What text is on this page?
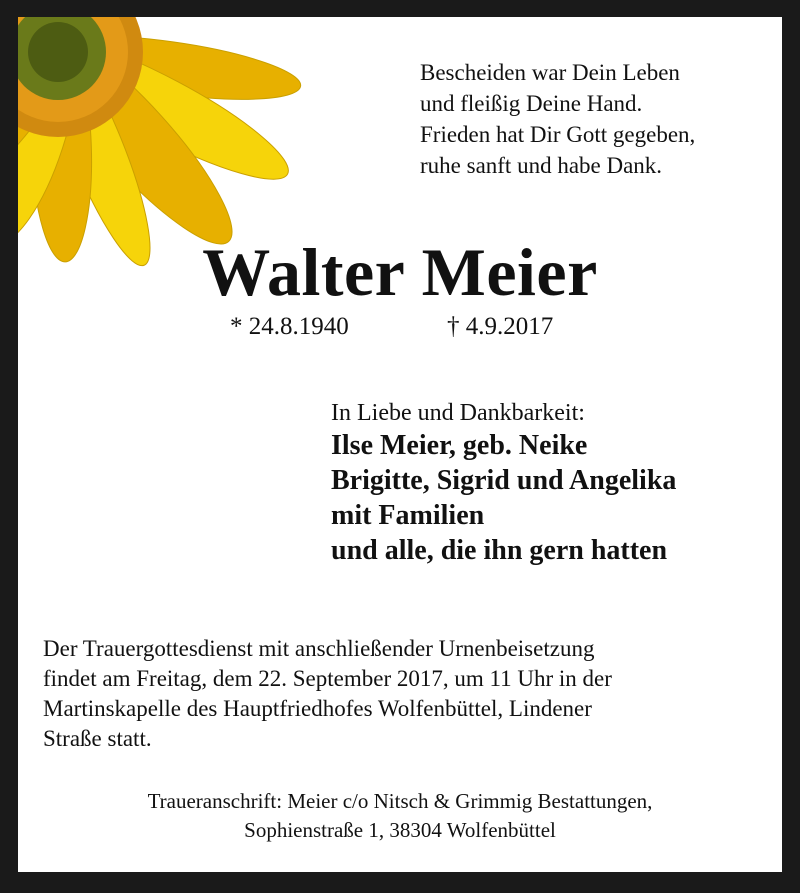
Bescheiden war Dein Leben
und fleißig Deine Hand.
Frieden hat Dir Gott gegeben,
ruhe sanft und habe Dank.
Walter Meier
* 24.8.1940	† 4.9.2017
In Liebe und Dankbarkeit:
Ilse Meier, geb. Neike
Brigitte, Sigrid und Angelika
mit Familien
und alle, die ihn gern hatten
Der Trauergottesdienst mit anschließender Urnenbeisetzung
findet am Freitag, dem 22. September 2017, um 11 Uhr in der
Martinskapelle des Hauptfriedhofes Wolfenbüttel, Lindener
Straße statt.
Traueranschrift: Meier c/o Nitsch & Grimmig Bestattungen,
Sophienstraße 1, 38304 Wolfenbüttel
